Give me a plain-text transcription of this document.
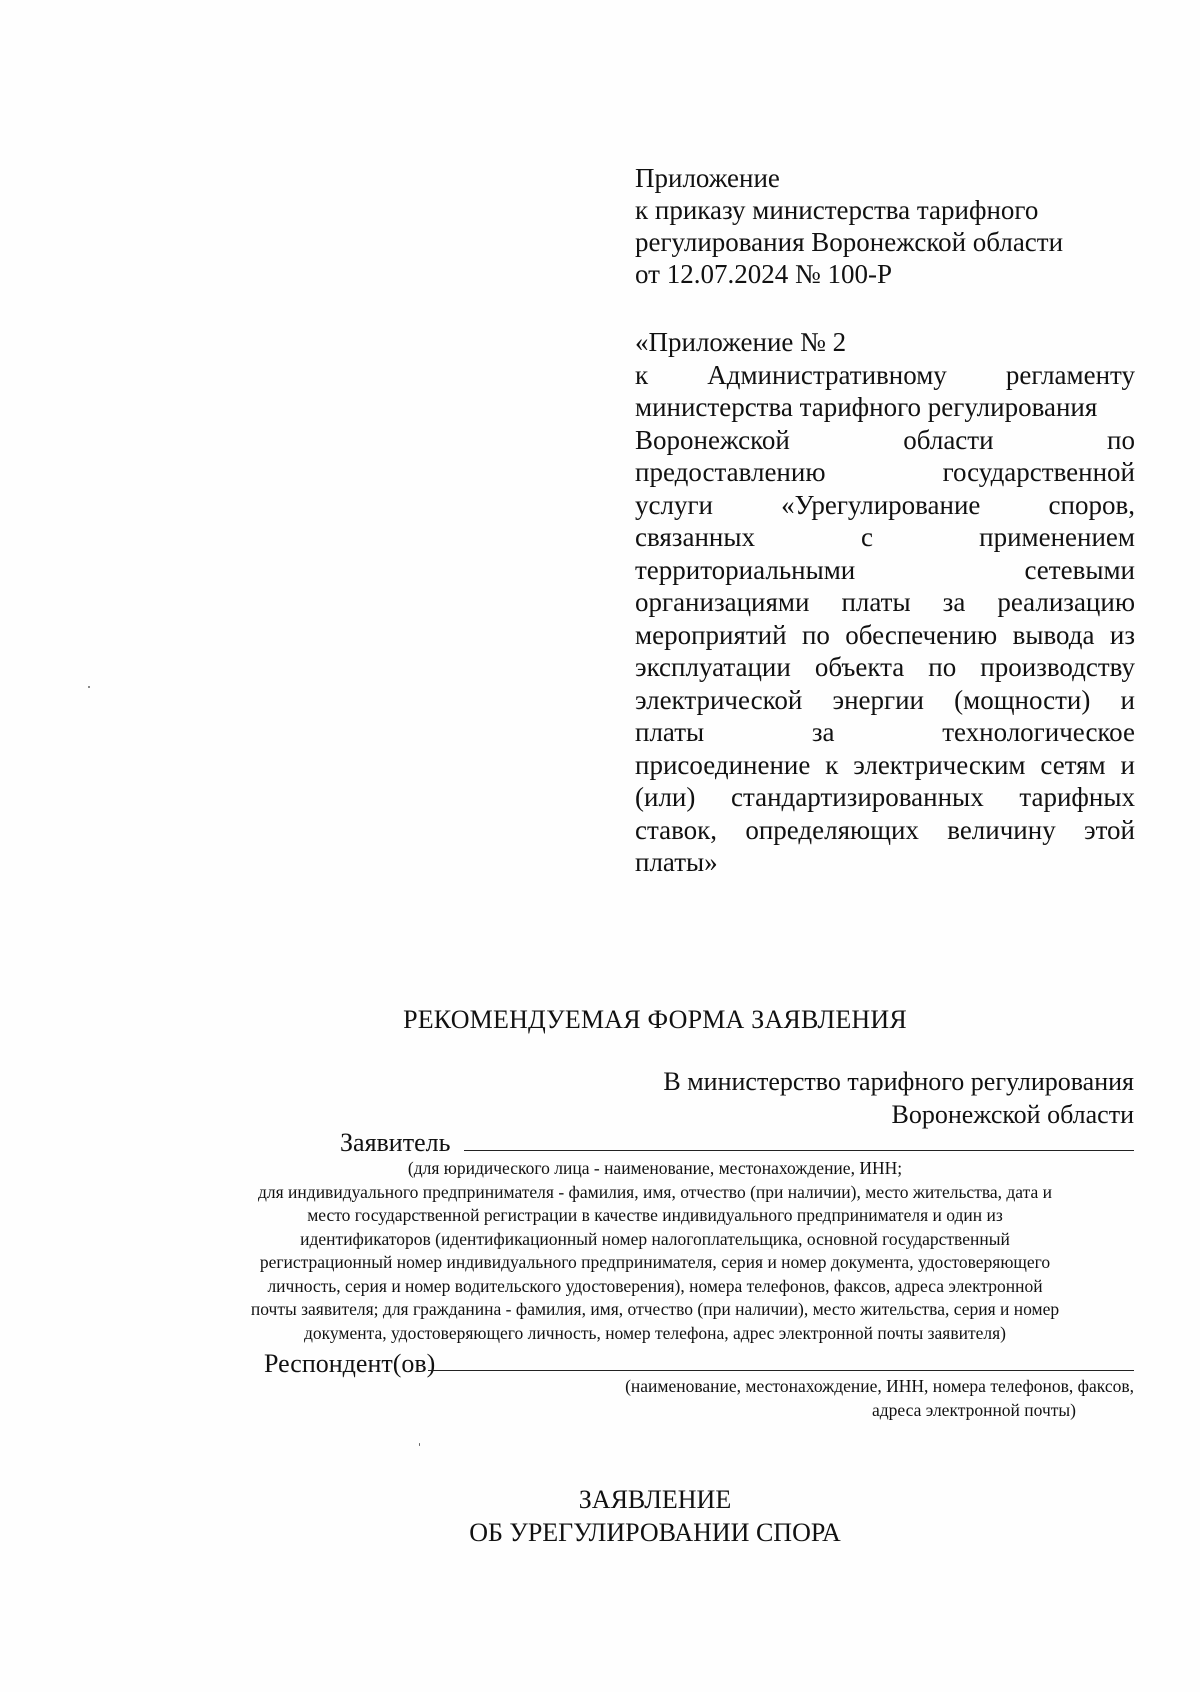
Приложение
к приказу министерства тарифного
регулирования Воронежской области
от 12.07.2024 № 100-Р
«Приложение № 2
к Административному регламенту
министерства тарифного регулирования
Воронежской области по
предоставлению государственной
услуги «Урегулирование споров,
связанных с применением
территориальными сетевыми
организациями платы за реализацию
мероприятий по обеспечению вывода из
эксплуатации объекта по производству
электрической энергии (мощности) и
платы за технологическое
присоединение к электрическим сетям и
(или) стандартизированных тарифных
ставок, определяющих величину этой
платы»
РЕКОМЕНДУЕМАЯ ФОРМА ЗАЯВЛЕНИЯ
В министерство тарифного регулирования
Воронежской области
Заявитель
(для юридического лица - наименование, местонахождение, ИНН;
для индивидуального предпринимателя - фамилия, имя, отчество (при наличии), место жительства, дата и
место государственной регистрации в качестве индивидуального предпринимателя и один из
идентификаторов (идентификационный номер налогоплательщика, основной государственный
регистрационный номер индивидуального предпринимателя, серия и номер документа, удостоверяющего
личность, серия и номер водительского удостоверения), номера телефонов, факсов, адреса электронной
почты заявителя; для гражданина - фамилия, имя, отчество (при наличии), место жительства, серия и номер
документа, удостоверяющего личность, номер телефона, адрес электронной почты заявителя)
Респондент(ов)
(наименование, местонахождение, ИНН, номера телефонов, факсов,
адреса электронной почты)
ЗАЯВЛЕНИЕ
ОБ УРЕГУЛИРОВАНИИ СПОРА
